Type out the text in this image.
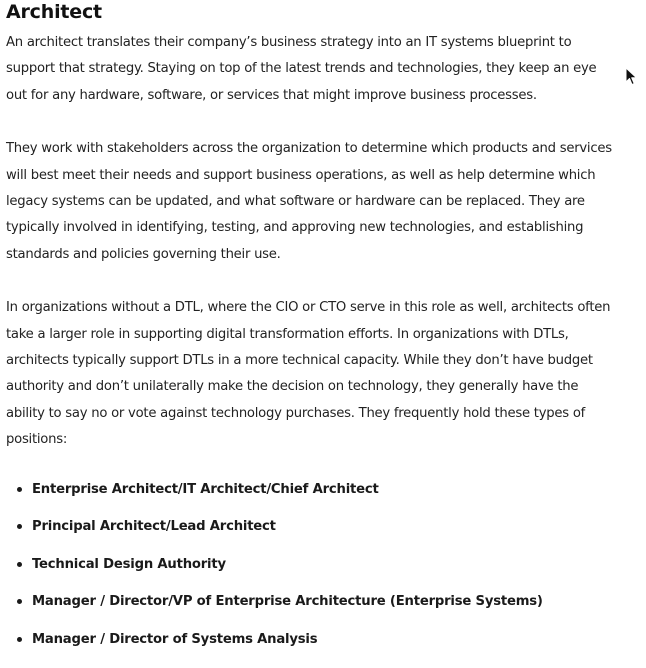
Architect

An architect translates their company’s business strategy into an IT systems blueprint to support that strategy. Staying on top of the latest trends and technologies, they keep an eye out for any hardware, software, or services that might improve business processes.

They work with stakeholders across the organization to determine which products and services will best meet their needs and support business operations, as well as help determine which legacy systems can be updated, and what software or hardware can be replaced. They are typically involved in identifying, testing, and approving new technologies, and establishing standards and policies governing their use.

In organizations without a DTL, where the CIO or CTO serve in this role as well, architects often take a larger role in supporting digital transformation efforts. In organizations with DTLs, architects typically support DTLs in a more technical capacity. While they don’t have budget authority and don’t unilaterally make the decision on technology, they generally have the ability to say no or vote against technology purchases. They frequently hold these types of positions:

Enterprise Architect/IT Architect/Chief Architect
Principal Architect/Lead Architect
Technical Design Authority
Manager / Director/VP of Enterprise Architecture (Enterprise Systems)
Manager / Director of Systems Analysis
